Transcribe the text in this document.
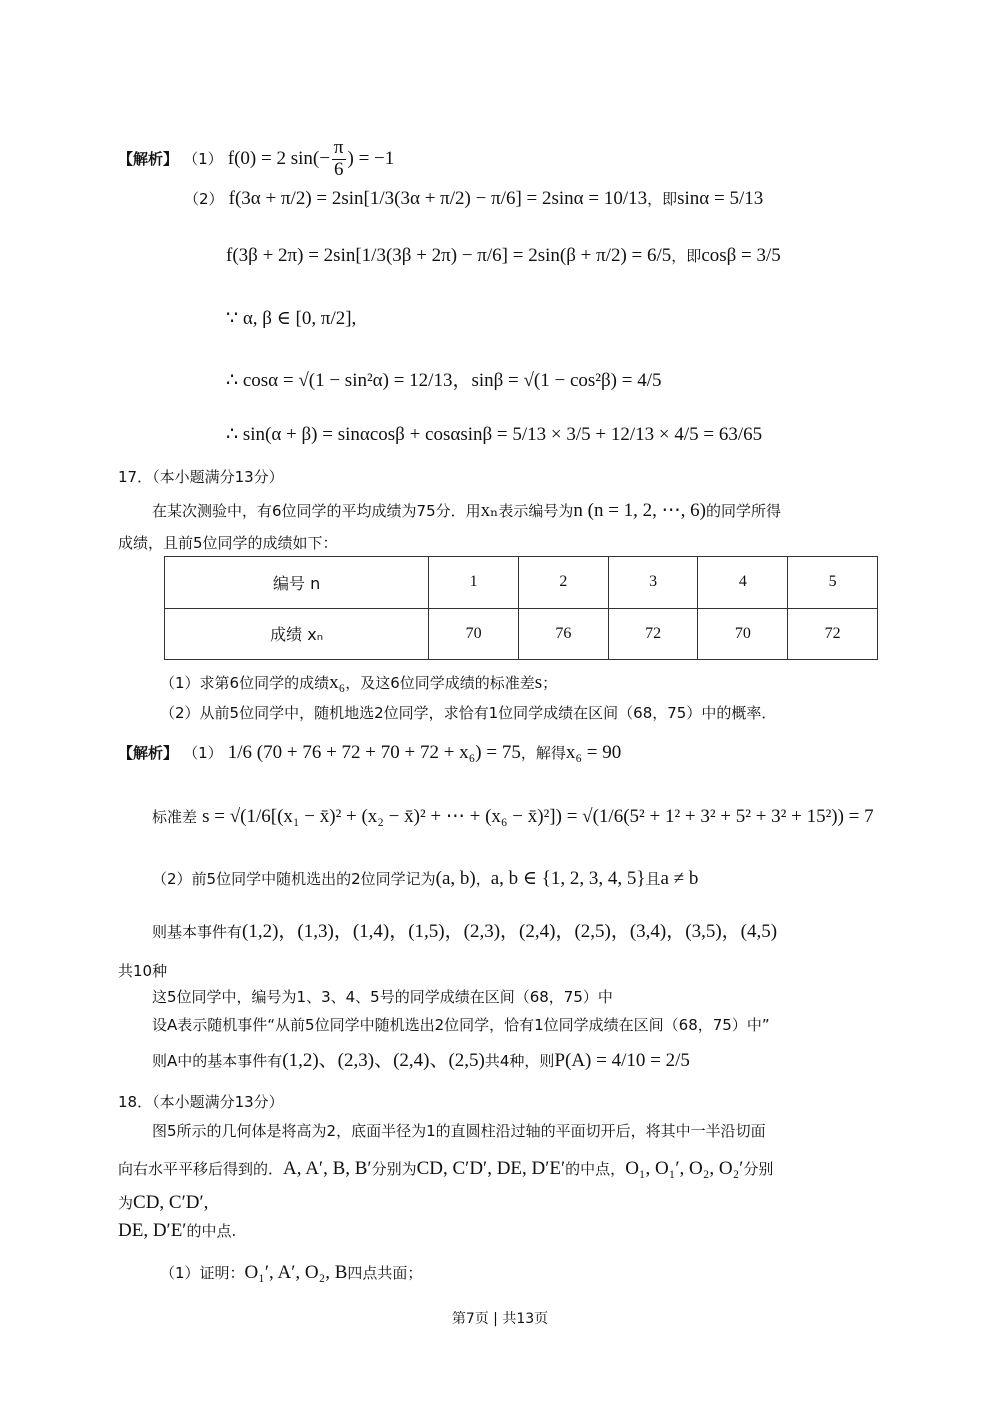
【解析】 （1） f(0) = 2 $\sin(- \frac{\pi}{6}$ ) = −1
（2） f(3α + π/2) = 2sin[1/3(3α + π/2) − π/6] = 2sinα = 10/13，即sinα = 5/13
f(3β + 2π) = 2sin[1/3(3β + 2π) − π/6] = 2sin(β + π/2) = 6/5，即cosβ = 3/5
∵ α, β ∈ [0, π/2],
∴ cosα = √(1 − sin²α) = 12/13，sinβ = √(1 − cos²β) = 4/5
∴ sin(α + β) = sinαcosβ + cosαsinβ = 5/13 × 3/5 + 12/13 × 4/5 = 63/65
17．（本小题满分13分）
在某次测验中，有6位同学的平均成绩为75分．用xₙ表示编号为n (n = 1, 2, ⋯, 6)的同学所得
成绩，且前5位同学的成绩如下：
编号 n	1	2	3	4	5
成绩 xₙ	70	76	72	70	72
（1）求第6位同学的成绩x₆，及这6位同学成绩的标准差s；
（2）从前5位同学中，随机地选2位同学，求恰有1位同学成绩在区间（68，75）中的概率．
【解析】 （1） 1/6 (70 + 76 + 72 + 70 + 72 + x₆) = 75，解得x₆ = 90
标准差 s = √(1/6[(x₁ − x̄)² + (x₂ − x̄)² + ⋯ + (x₆ − x̄)²]) = √(1/6(5² + 1² + 3² + 5² + 3² + 15²)) = 7
（2）前5位同学中随机选出的2位同学记为(a, b)，a, b ∈ {1, 2, 3, 4, 5}且a ≠ b
则基本事件有(1,2)，(1,3)，(1,4)，(1,5)，(2,3)，(2,4)，(2,5)，(3,4)，(3,5)，(4,5)
共10种
这5位同学中，编号为1、3、4、5号的同学成绩在区间（68，75）中
设A表示随机事件“从前5位同学中随机选出2位同学，恰有1位同学成绩在区间（68，75）中”
则A中的基本事件有(1,2)、(2,3)、(2,4)、(2,5)共4种，则P(A) = 4/10 = 2/5
18．（本小题满分13分）
图5所示的几何体是将高为2，底面半径为1的直圆柱沿过轴的平面切开后，将其中一半沿切面
向右水平平移后得到的．A, A′, B, B′分别为CD, C′D′, DE, D′E′的中点，O₁, O₁′, O₂, O₂′分别
为CD, C′D′,
DE, D′E′的中点.
（1）证明：O₁′, A′, O₂, B四点共面；
第7页 | 共13页
